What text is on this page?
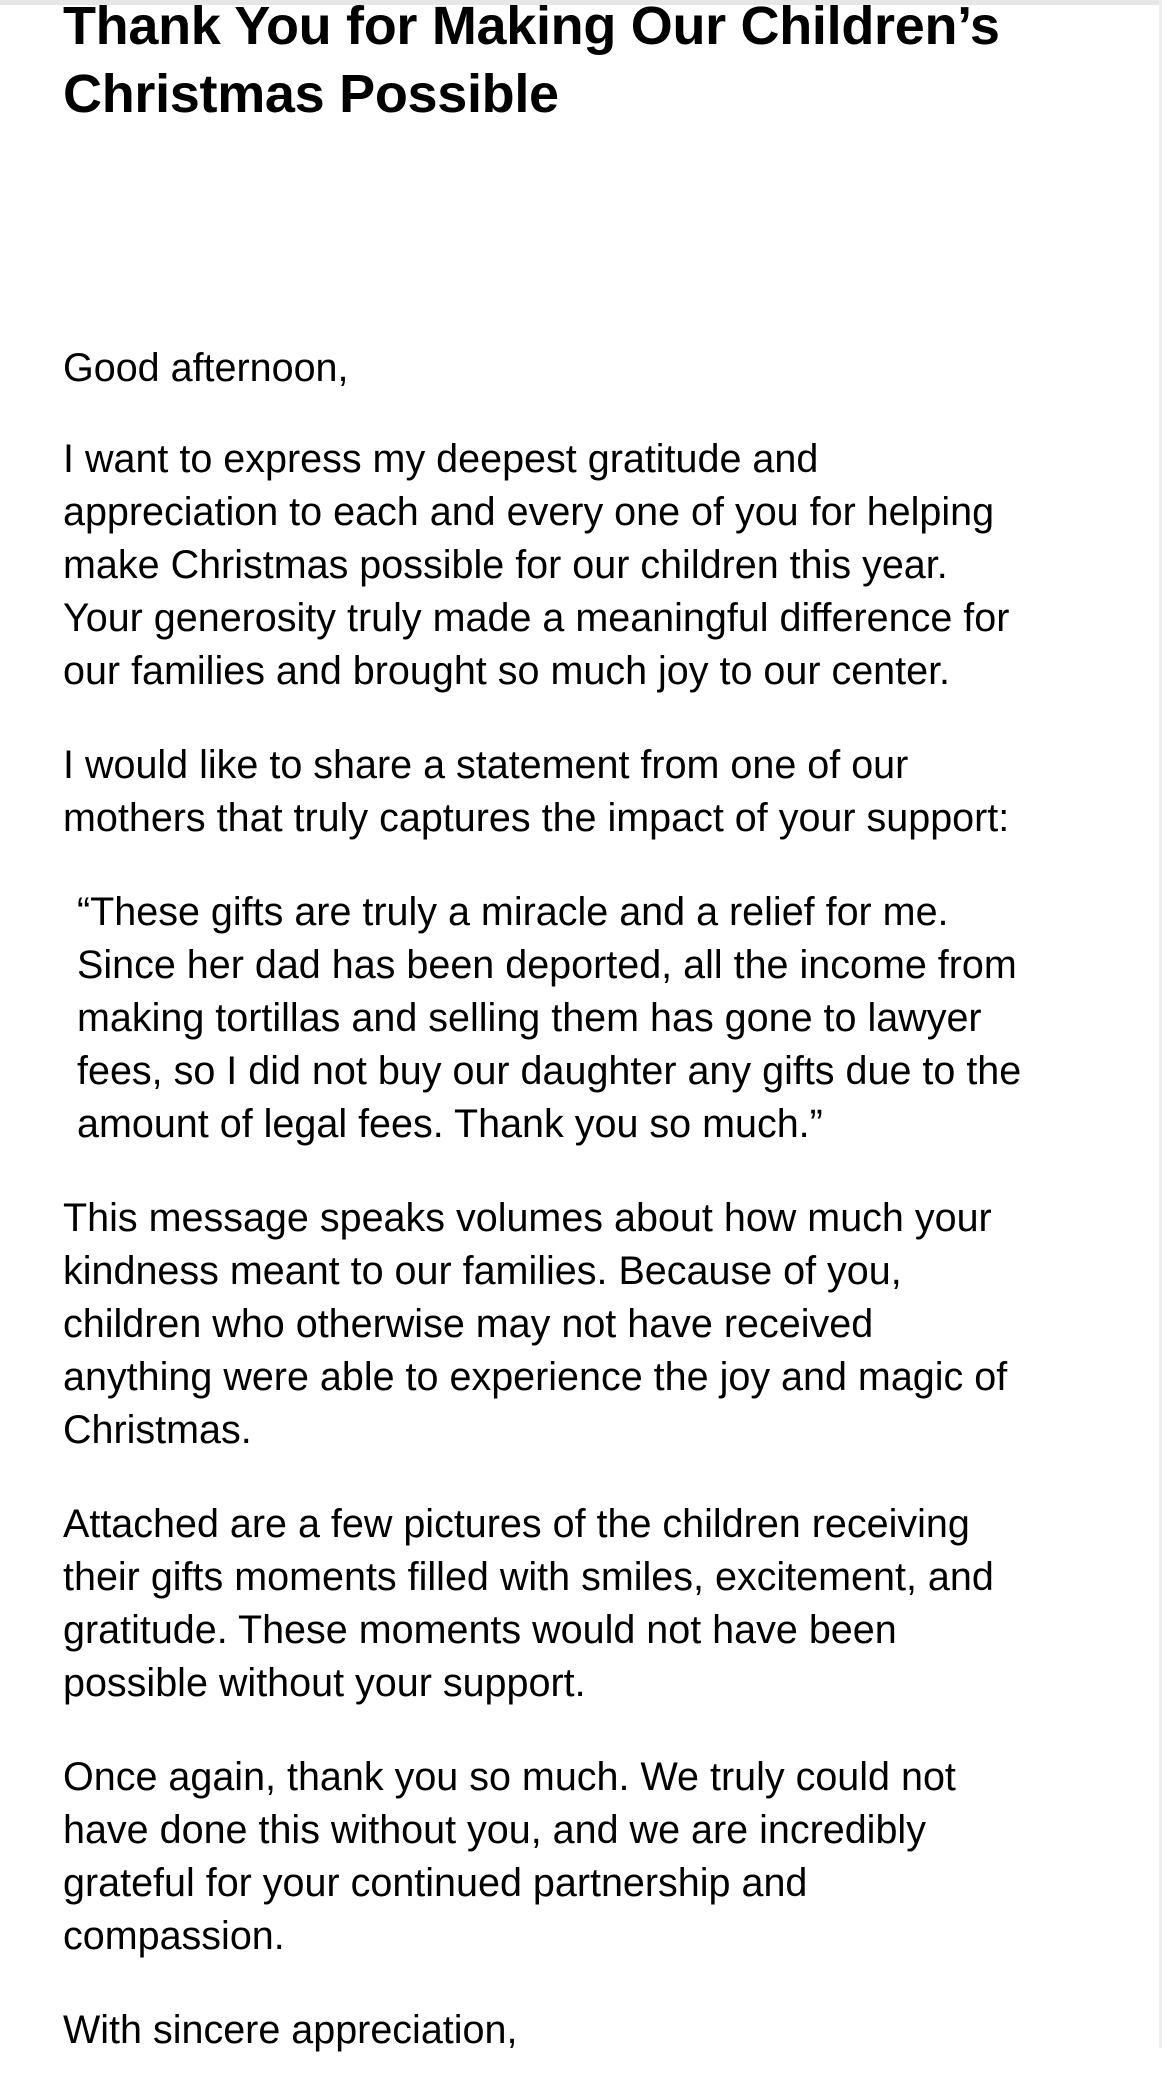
Thank You for Making Our Children’s Christmas Possible

Good afternoon,

I want to express my deepest gratitude and
appreciation to each and every one of you for helping
make Christmas possible for our children this year.
Your generosity truly made a meaningful difference for
our families and brought so much joy to our center.

I would like to share a statement from one of our
mothers that truly captures the impact of your support:

“These gifts are truly a miracle and a relief for me.
Since her dad has been deported, all the income from
making tortillas and selling them has gone to lawyer
fees, so I did not buy our daughter any gifts due to the
amount of legal fees. Thank you so much.”

This message speaks volumes about how much your
kindness meant to our families. Because of you,
children who otherwise may not have received
anything were able to experience the joy and magic of
Christmas.

Attached are a few pictures of the children receiving
their gifts moments filled with smiles, excitement, and
gratitude. These moments would not have been
possible without your support.

Once again, thank you so much. We truly could not
have done this without you, and we are incredibly
grateful for your continued partnership and
compassion.

With sincere appreciation,
